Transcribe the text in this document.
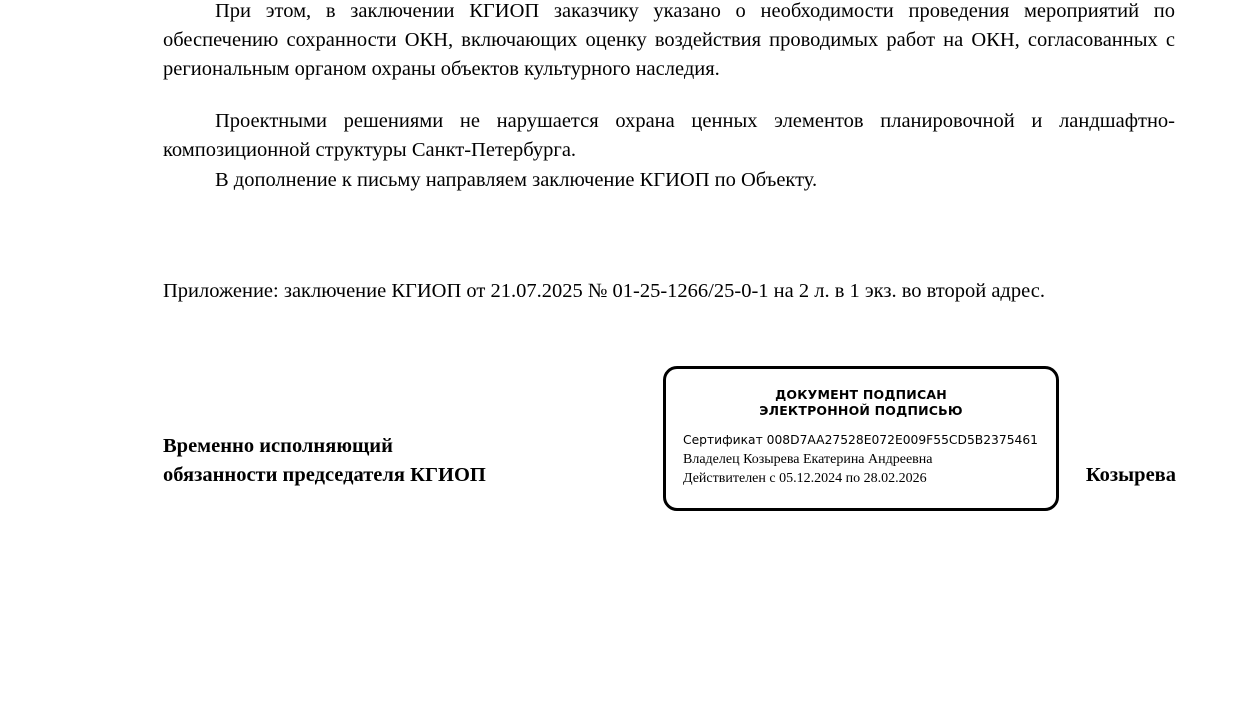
При этом, в заключении КГИОП заказчику указано о необходимости проведения мероприятий по обеспечению сохранности ОКН, включающих оценку воздействия проводимых работ на ОКН, согласованных с региональным органом охраны объектов культурного наследия.

Проектными решениями не нарушается охрана ценных элементов планировочной и ландшафтно-композиционной структуры Санкт-Петербурга.

В дополнение к письму направляем заключение КГИОП по Объекту.

Приложение: заключение КГИОП от 21.07.2025 № 01-25-1266/25-0-1 на 2 л. в 1 экз. во второй адрес.

Временно исполняющий
обязанности председателя КГИОП	Козырева
ДОКУМЕНТ ПОДПИСАН
ЭЛЕКТРОННОЙ ПОДПИСЬЮ
Сертификат 008D7AA27528E072E009F55CD5B2375461
Владелец Козырева Екатерина Андреевна
Действителен с 05.12.2024 по 28.02.2026
